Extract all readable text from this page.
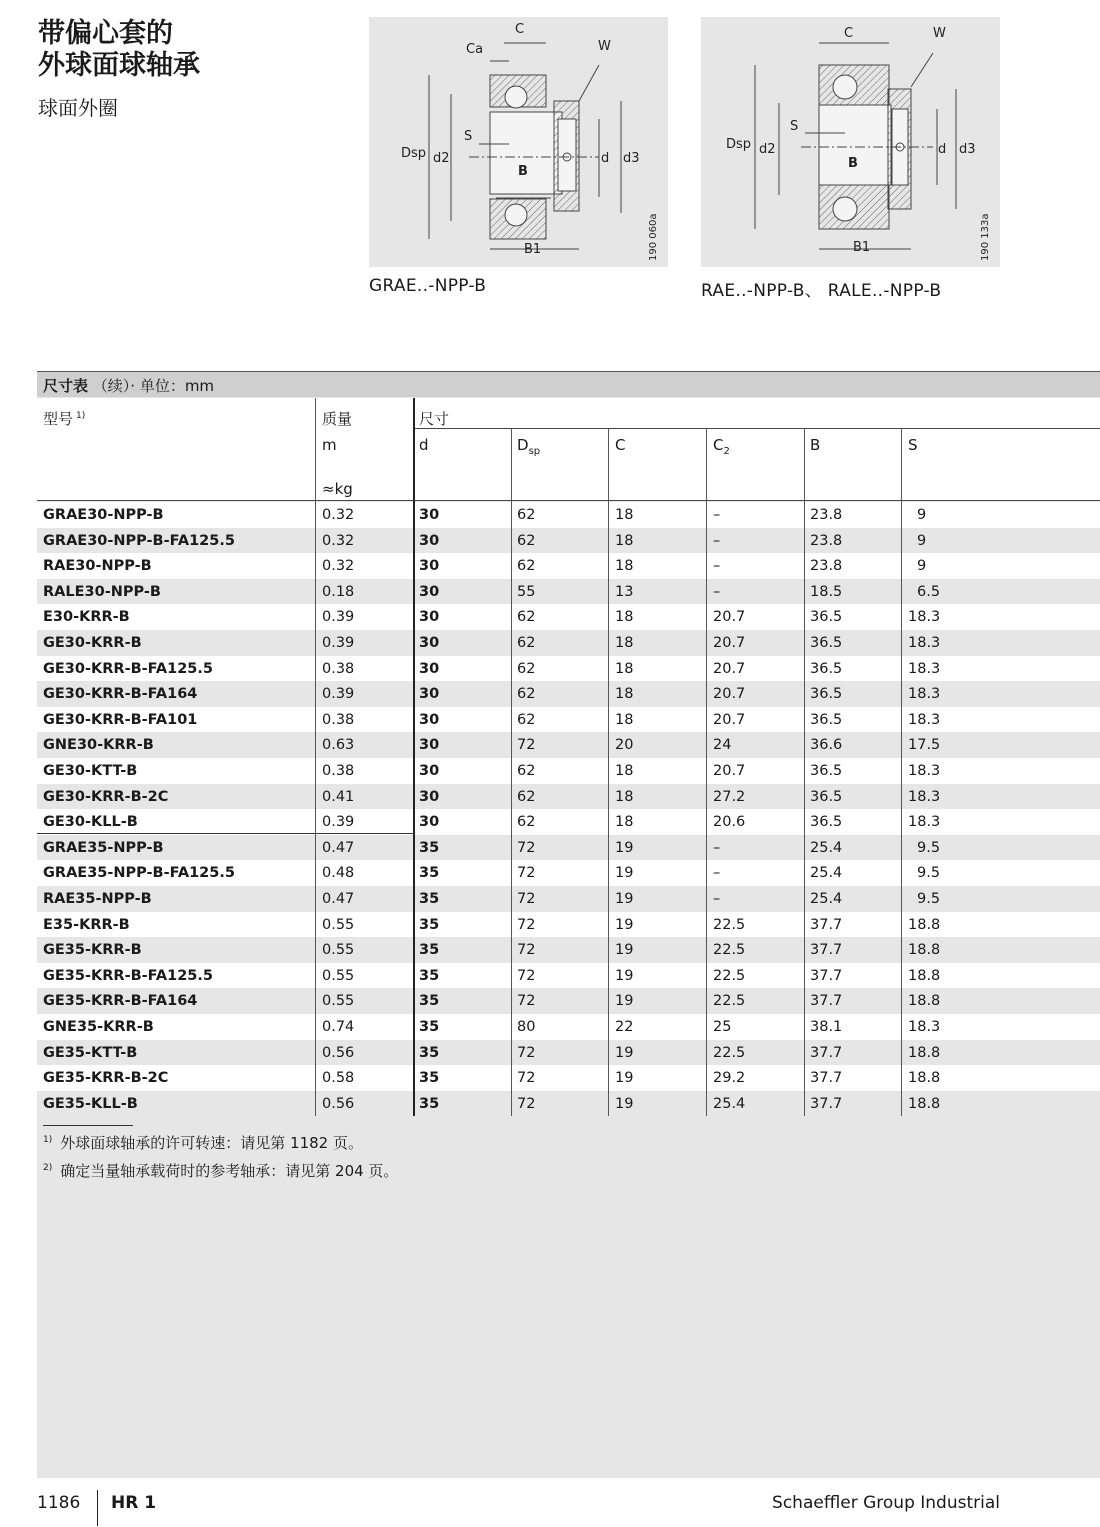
带偏心套的
外球面球轴承
球面外圈
C
Ca	W
S
Dsp d2	d d3
B
B1	190 060a
GRAE..-NPP-B
C	W
S
Dsp d2	d d3
B
B1	190 133a
RAE..-NPP-B、 RALE..-NPP-B
尺寸表 （续）· 单位：mm
型号 $^{1)}$	质量
m
≈kg
尺寸
d	$D_{sp}$	C	$C_2$	B	S
GRAE30-NPP-B	0.32	30	62	18	–	23.8	9
GRAE30-NPP-B-FA125.5	0.32	30	62	18	–	23.8	9
RAE30-NPP-B	0.32	30	62	18	–	23.8	9
RALE30-NPP-B	0.18	30	55	13	–	18.5	6.5
E30-KRR-B	0.39	30	62	18	20.7	36.5	18.3
GE30-KRR-B	0.39	30	62	18	20.7	36.5	18.3
GE30-KRR-B-FA125.5	0.38	30	62	18	20.7	36.5	18.3
GE30-KRR-B-FA164	0.39	30	62	18	20.7	36.5	18.3
GE30-KRR-B-FA101	0.38	30	62	18	20.7	36.5	18.3
GNE30-KRR-B	0.63	30	72	20	24	36.6	17.5
GE30-KTT-B	0.38	30	62	18	20.7	36.5	18.3
GE30-KRR-B-2C	0.41	30	62	18	27.2	36.5	18.3
GE30-KLL-B	0.39	30	62	18	20.6	36.5	18.3
GRAE35-NPP-B	0.47	35	72	19	–	25.4	9.5
GRAE35-NPP-B-FA125.5	0.48	35	72	19	–	25.4	9.5
RAE35-NPP-B	0.47	35	72	19	–	25.4	9.5
E35-KRR-B	0.55	35	72	19	22.5	37.7	18.8
GE35-KRR-B	0.55	35	72	19	22.5	37.7	18.8
GE35-KRR-B-FA125.5	0.55	35	72	19	22.5	37.7	18.8
GE35-KRR-B-FA164	0.55	35	72	19	22.5	37.7	18.8
GNE35-KRR-B	0.74	35	80	22	25	38.1	18.3
GE35-KTT-B	0.56	35	72	19	22.5	37.7	18.8
GE35-KRR-B-2C	0.58	35	72	19	29.2	37.7	18.8
GE35-KLL-B	0.56	35	72	19	25.4	37.7	18.8
$^{1)}$ 外球面球轴承的许可转速：请见第 1182 页。
$^{2)}$ 确定当量轴承载荷时的参考轴承：请见第 204 页。
1186 HR 1	Schaeffler Group Industrial
